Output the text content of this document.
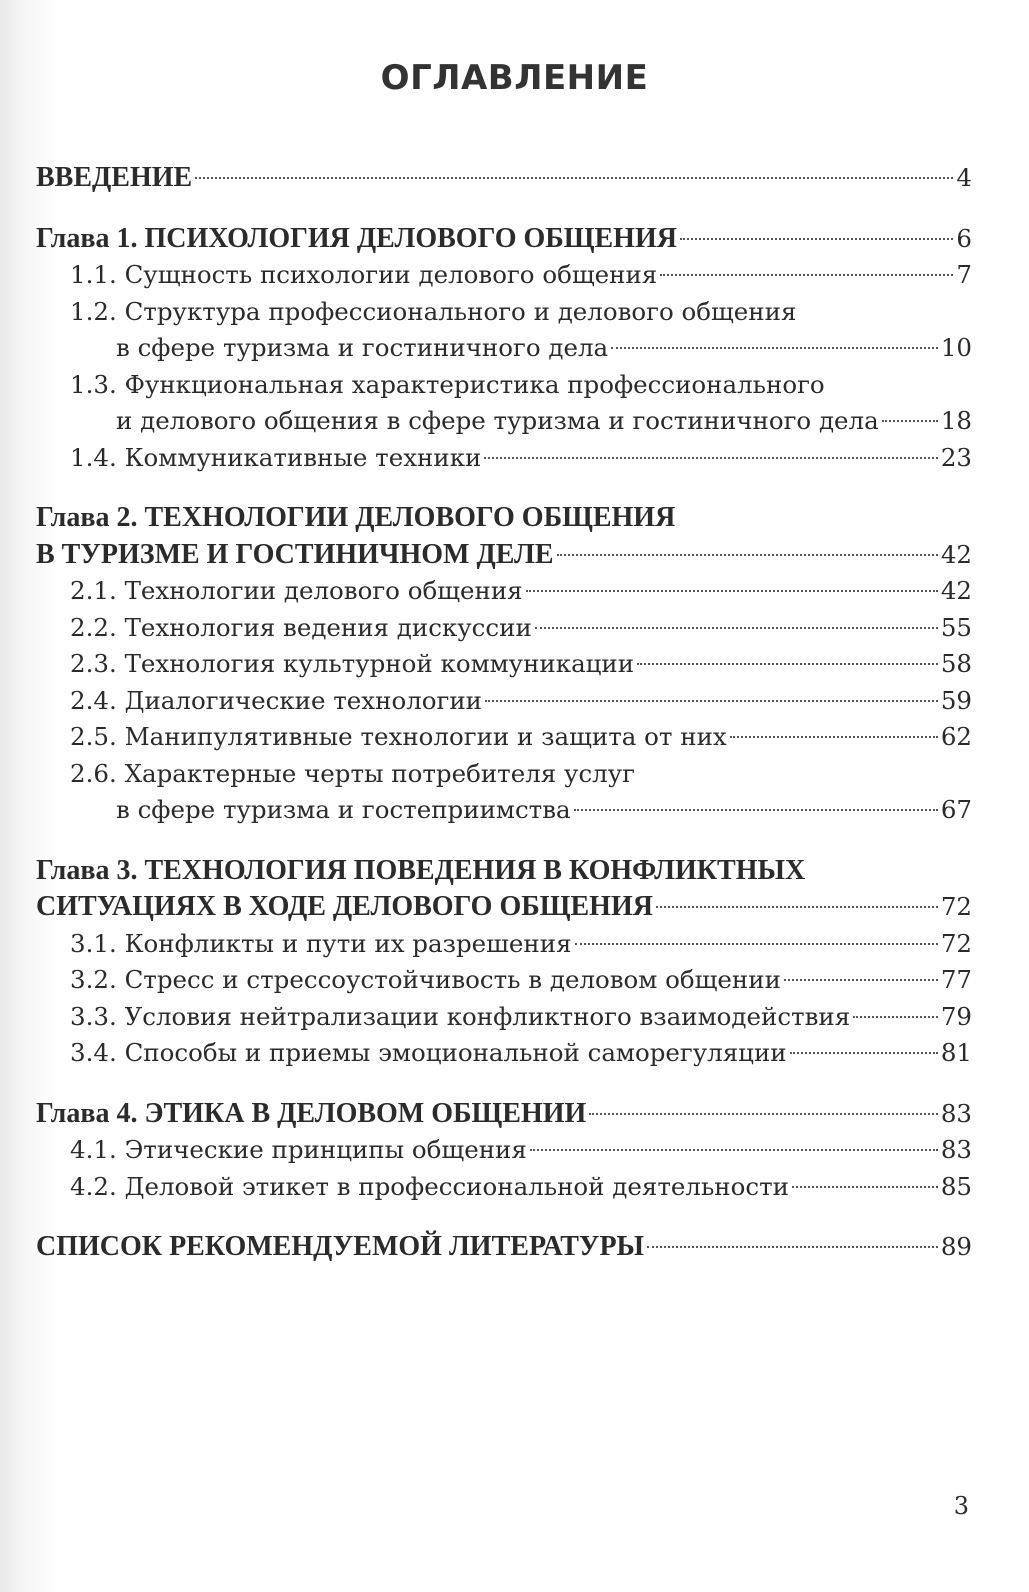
ОГЛАВЛЕНИЕ
ВВЕДЕНИЕ	4
Глава 1. ПСИХОЛОГИЯ ДЕЛОВОГО ОБЩЕНИЯ	6
1.1. Сущность психологии делового общения	7
1.2. Структура профессионального и делового общения
в сфере туризма и гостиничного дела	10
1.3. Функциональная характеристика профессионального
и делового общения в сфере туризма и гостиничного дела	18
1.4. Коммуникативные техники	23
Глава 2. ТЕХНОЛОГИИ ДЕЛОВОГО ОБЩЕНИЯ
В ТУРИЗМЕ И ГОСТИНИЧНОМ ДЕЛЕ	42
2.1. Технологии делового общения	42
2.2. Технология ведения дискуссии	55
2.3. Технология культурной коммуникации	58
2.4. Диалогические технологии	59
2.5. Манипулятивные технологии и защита от них	62
2.6. Характерные черты потребителя услуг
в сфере туризма и гостеприимства	67
Глава 3. ТЕХНОЛОГИЯ ПОВЕДЕНИЯ В КОНФЛИКТНЫХ
СИТУАЦИЯХ В ХОДЕ ДЕЛОВОГО ОБЩЕНИЯ	72
3.1. Конфликты и пути их разрешения	72
3.2. Стресс и стрессоустойчивость в деловом общении	77
3.3. Условия нейтрализации конфликтного взаимодействия	79
3.4. Способы и приемы эмоциональной саморегуляции	81
Глава 4. ЭТИКА В ДЕЛОВОМ ОБЩЕНИИ	83
4.1. Этические принципы общения	83
4.2. Деловой этикет в профессиональной деятельности	85
СПИСОК РЕКОМЕНДУЕМОЙ ЛИТЕРАТУРЫ	89
3
